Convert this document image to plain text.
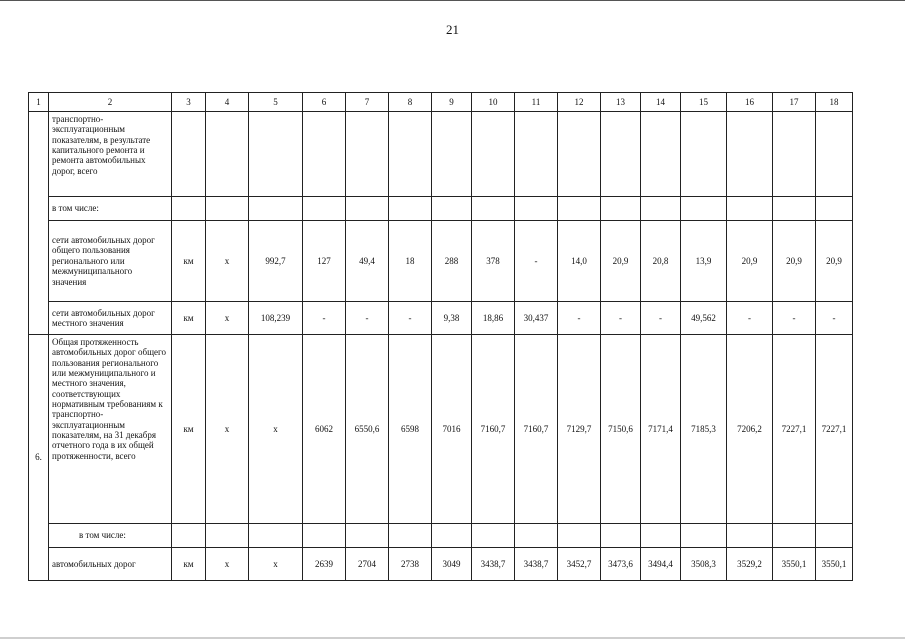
21
1	2	3	4	5	6	7	8	9	10	11	12	13	14	15	16	17	18
	транспортно-эксплуатационным показателям, в результате капитального ремонта и ремонта автомобильных дорог, всего																
	в том числе:																
	сети автомобильных дорог общего пользования регионального или межмуниципального значения	км	х	992,7	127	49,4	18	288	378	-	14,0	20,9	20,8	13,9	20,9	20,9	20,9
	сети автомобильных дорог местного значения	км	х	108,239	-	-	-	9,38	18,86	30,437	-	-	-	49,562	-	-	-
6.	Общая протяженность автомобильных дорог общего пользования регионального или межмуниципального и местного значения, соответствующих нормативным требованиям к транспортно-эксплуатационным показателям, на 31 декабря отчетного года в их общей протяженности, всего	км	х	х	6062	6550,6	6598	7016	7160,7	7160,7	7129,7	7150,6	7171,4	7185,3	7206,2	7227,1	7227,1
	в том числе:																
	автомобильных дорог	км	х	х	2639	2704	2738	3049	3438,7	3438,7	3452,7	3473,6	3494,4	3508,3	3529,2	3550,1	3550,1
